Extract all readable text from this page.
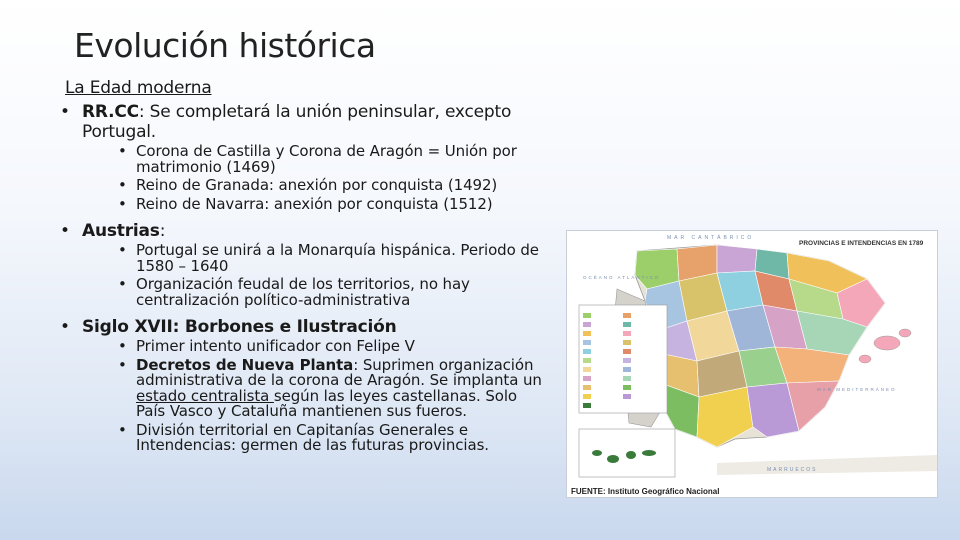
Evolución histórica
La Edad moderna
• RR.CC: Se completará la unión peninsular, excepto Portugal.
• Corona de Castilla y Corona de Aragón = Unión por matrimonio (1469)
• Reino de Granada: anexión por conquista (1492)
• Reino de Navarra: anexión por conquista (1512)
• Austrias:
• Portugal se unirá a la Monarquía hispánica. Periodo de 1580 – 1640
• Organización feudal de los territorios, no hay centralización político-administrativa
• Siglo XVII: Borbones e Ilustración
• Primer intento unificador con Felipe V
• Decretos de Nueva Planta: Suprimen organización administrativa de la corona de Aragón. Se implanta un estado centralista según las leyes castellanas. Solo País Vasco y Cataluña mantienen sus fueros.
• División territorial en Capitanías Generales e Intendencias: germen de las futuras provincias.
PROVINCIAS E INTENDENCIAS EN 1789
MAR CANTÁBRICO
OCÉANO ATLÁNTICO
MAR MEDITERRÁNEO
MARRUECOS
FUENTE: Instituto Geográfico Nacional
